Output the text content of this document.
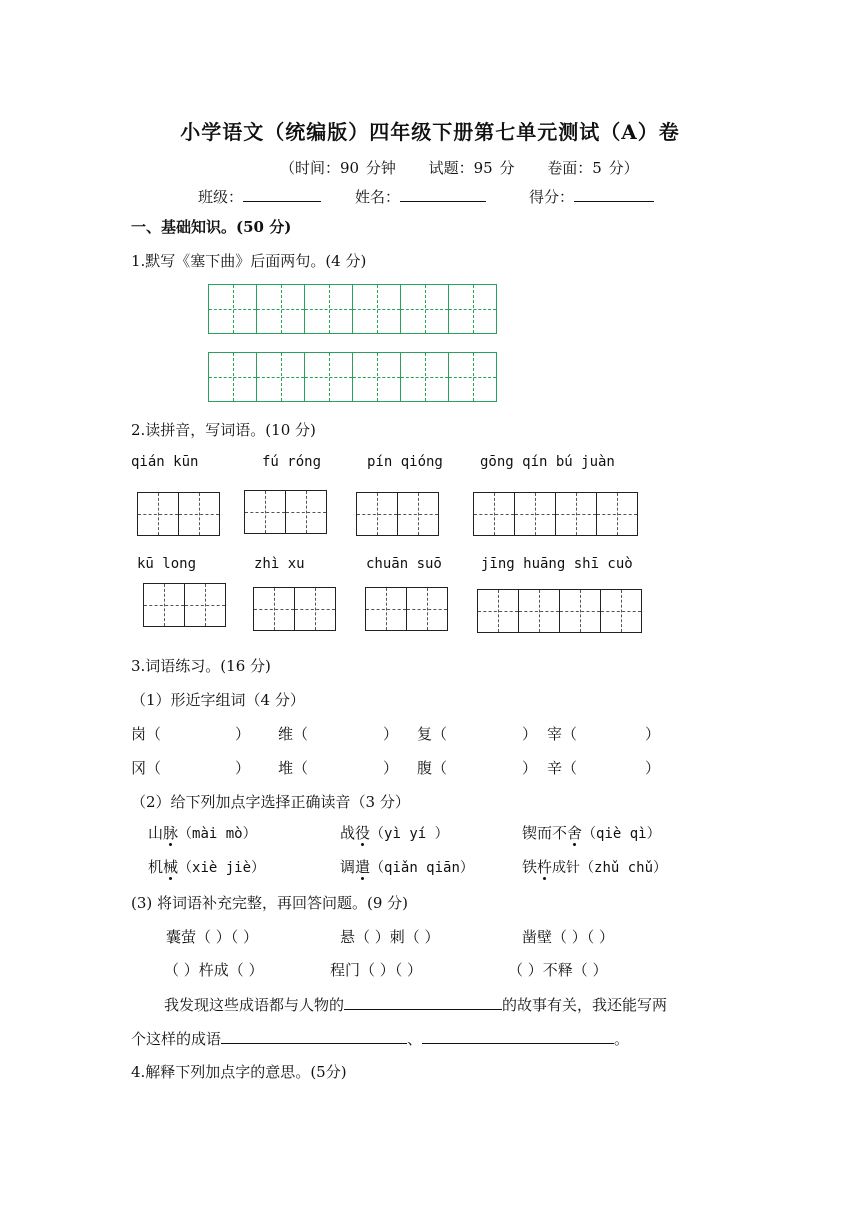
小学语文（统编版）四年级下册第七单元测试（A）卷
（时间：90 分钟 试题：95 分 卷面：5 分）
班级：	姓名：	得分：
一、基础知识。(50 分)
1.默写《塞下曲》后面两句。(4 分)
2.读拼音，写词语。(10 分)
qián kūn	fú róng	pín qióng	gōng qín bú juàn
kū long	zhì xu	chuān suō	jīng huāng shī cuò
3.词语练习。(16 分)
（1）形近字组词（4 分）
岗（	） 维（	） 复（	） 宰（	）
冈（	） 堆（	） 腹（	） 辛（	）
（2）给下列加点字选择正确读音（3 分）
山脉（mài mò）	战役（yì yí ）	锲而不舍（qiè qì）
机械（xiè jiè）	调遣（qiǎn qiān）	铁杵成针（zhǔ chǔ）
(3) 将词语补充完整，再回答问题。(9 分)
囊萤（ ）（ ）	悬（ ）刺（ ）	凿壁（ ）（ ）
（ ）杵成（ ）	程门（ ）（ ）	（ ）不释（ ）
我发现这些成语都与人物的	的故事有关，我还能写两
个这样的成语	、	。
4.解释下列加点字的意思。(5分)
